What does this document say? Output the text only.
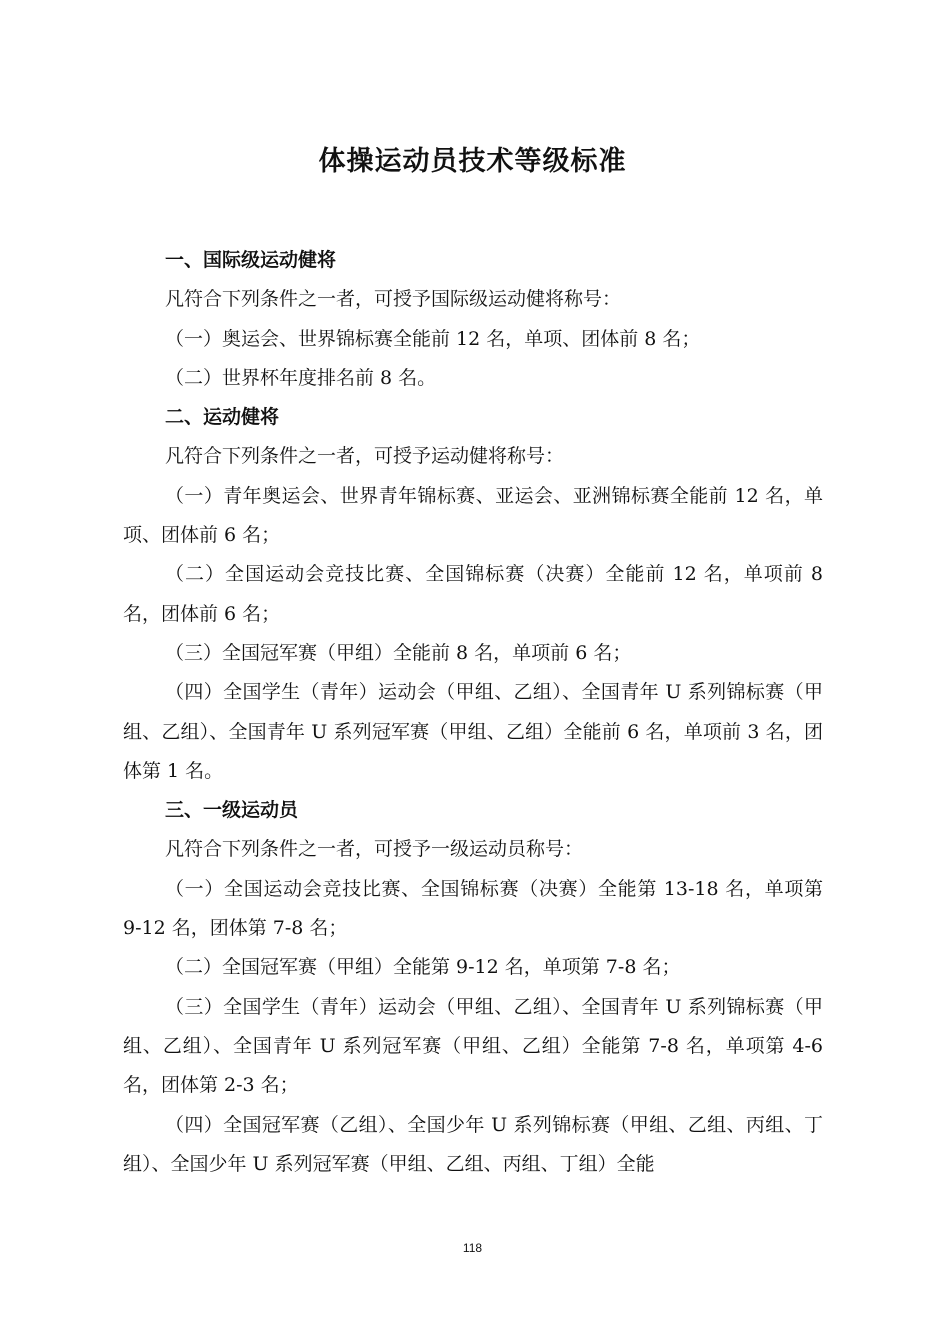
体操运动员技术等级标准

一、国际级运动健将

凡符合下列条件之一者，可授予国际级运动健将称号：

（一）奥运会、世界锦标赛全能前 12 名，单项、团体前 8 名；

（二）世界杯年度排名前 8 名。

二、运动健将

凡符合下列条件之一者，可授予运动健将称号：

（一）青年奥运会、世界青年锦标赛、亚运会、亚洲锦标赛全能前 12 名，单项、团体前 6 名；

（二）全国运动会竞技比赛、全国锦标赛（决赛）全能前 12 名，单项前 8 名，团体前 6 名；

（三）全国冠军赛（甲组）全能前 8 名，单项前 6 名；

（四）全国学生（青年）运动会（甲组、乙组）、全国青年 U 系列锦标赛（甲组、乙组）、全国青年 U 系列冠军赛（甲组、乙组）全能前 6 名，单项前 3 名，团体第 1 名。

三、一级运动员

凡符合下列条件之一者，可授予一级运动员称号：

（一）全国运动会竞技比赛、全国锦标赛（决赛）全能第 13-18 名，单项第 9-12 名，团体第 7-8 名；

（二）全国冠军赛（甲组）全能第 9-12 名，单项第 7-8 名；

（三）全国学生（青年）运动会（甲组、乙组）、全国青年 U 系列锦标赛（甲组、乙组）、全国青年 U 系列冠军赛（甲组、乙组）全能第 7-8 名，单项第 4-6 名，团体第 2-3 名；

（四）全国冠军赛（乙组）、全国少年 U 系列锦标赛（甲组、乙组、丙组、丁组）、全国少年 U 系列冠军赛（甲组、乙组、丙组、丁组）全能

118
